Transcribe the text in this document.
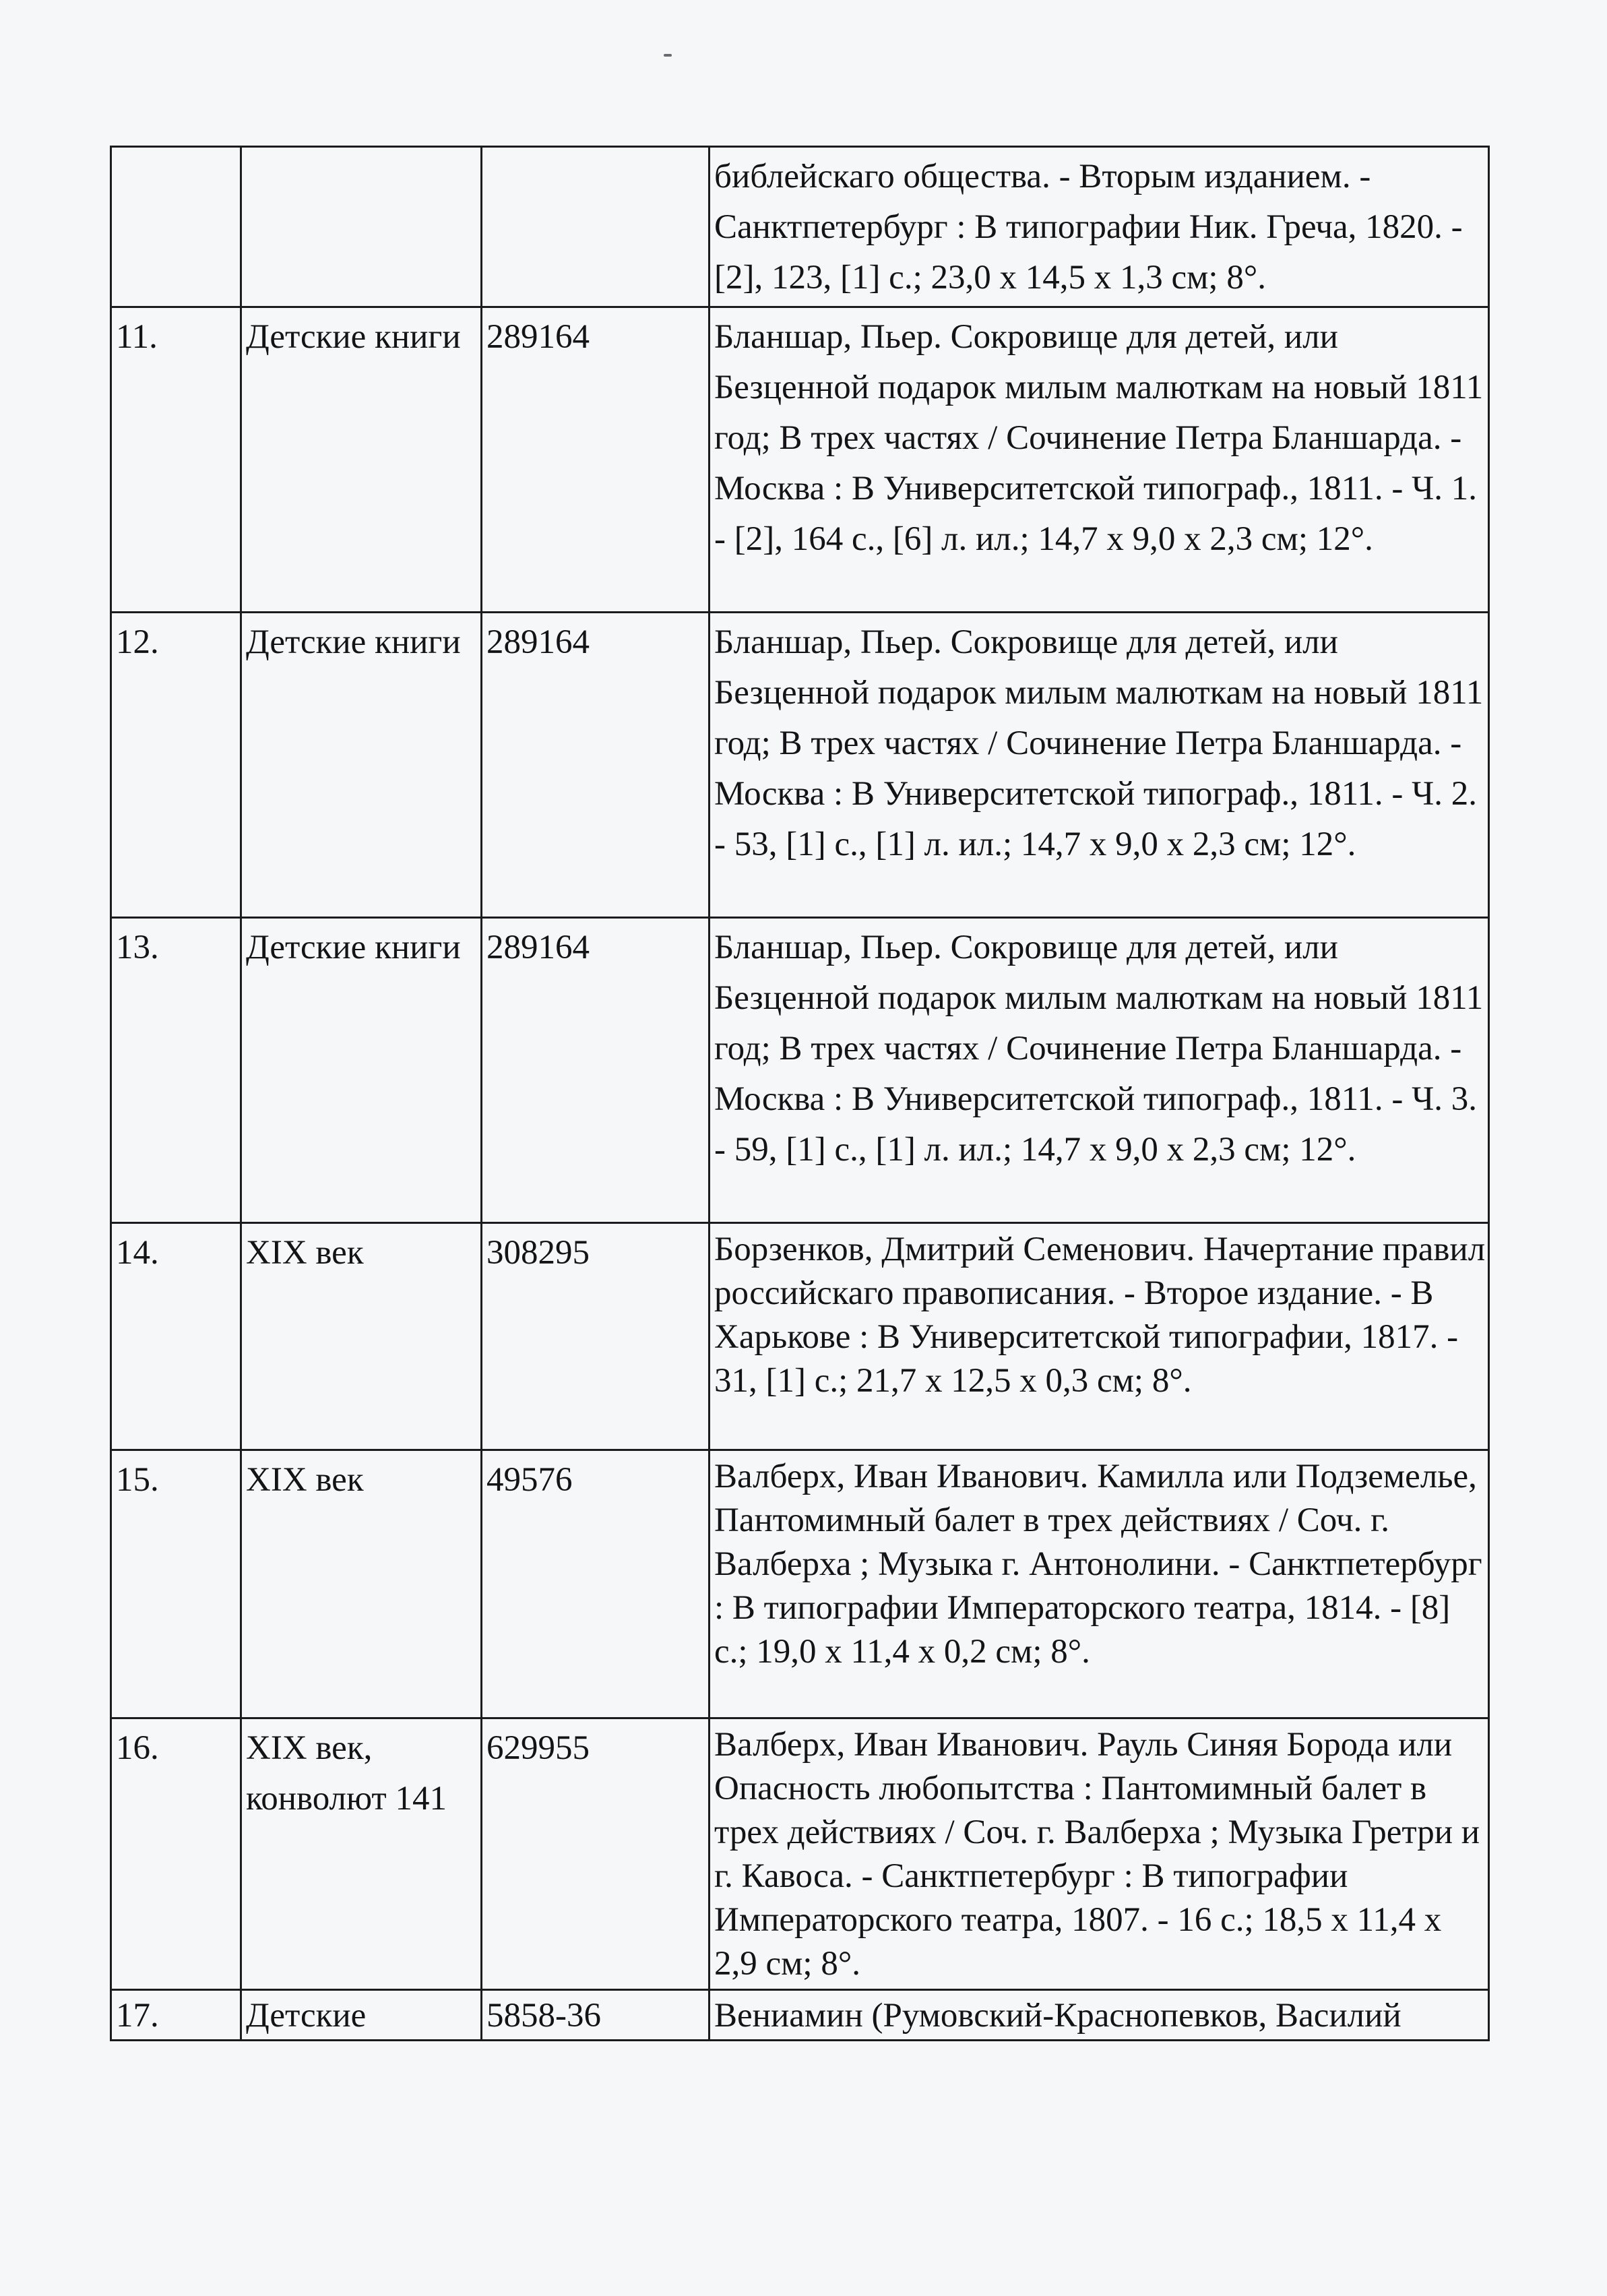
			библейскаго общества. - Вторым изданием. - Санктпетербург : В типографии Ник. Греча, 1820. - [2], 123, [1] с.; 23,0 х 14,5 х 1,3 см; 8°.
11.	Детские книги	289164	Бланшар, Пьер. Сокровище для детей, или Безценной подарок милым малюткам на новый 1811 год; В трех частях / Сочинение Петра Бланшарда. - Москва : В Университетской типограф., 1811. - Ч. 1. - [2], 164 с., [6] л. ил.; 14,7 х 9,0 х 2,3 см; 12°.
12.	Детские книги	289164	Бланшар, Пьер. Сокровище для детей, или Безценной подарок милым малюткам на новый 1811 год; В трех частях / Сочинение Петра Бланшарда. - Москва : В Университетской типограф., 1811. - Ч. 2. - 53, [1] с., [1] л. ил.; 14,7 х 9,0 х 2,3 см; 12°.
13.	Детские книги	289164	Бланшар, Пьер. Сокровище для детей, или Безценной подарок милым малюткам на новый 1811 год; В трех частях / Сочинение Петра Бланшарда. - Москва : В Университетской типограф., 1811. - Ч. 3. - 59, [1] с., [1] л. ил.; 14,7 х 9,0 х 2,3 см; 12°.
14.	XIX век	308295	Борзенков, Дмитрий Семенович. Начертание правил российскаго правописания. - Второе издание. - В Харькове : В Университетской типографии, 1817. - 31, [1] с.; 21,7 х 12,5 х 0,3 см; 8°.
15.	XIX век	49576	Валберх, Иван Иванович. Камилла или Подземелье, Пантомимный балет в трех действиях / Соч. г. Валберха ; Музыка г. Антонолини. - Санктпетербург : В типографии Императорского театра, 1814. - [8] с.; 19,0 х 11,4 х 0,2 см; 8°.
16.	XIX век, конволют 141	629955	Валберх, Иван Иванович. Рауль Синяя Борода или Опасность любопытства : Пантомимный балет в трех действиях / Соч. г. Валберха ; Музыка Гретри и г. Кавоса. - Санктпетербург : В типографии Императорского театра, 1807. - 16 с.; 18,5 х 11,4 х 2,9 см; 8°.
17.	Детские	5858-36	Вениамин (Румовский-Краснопевков, Василий
